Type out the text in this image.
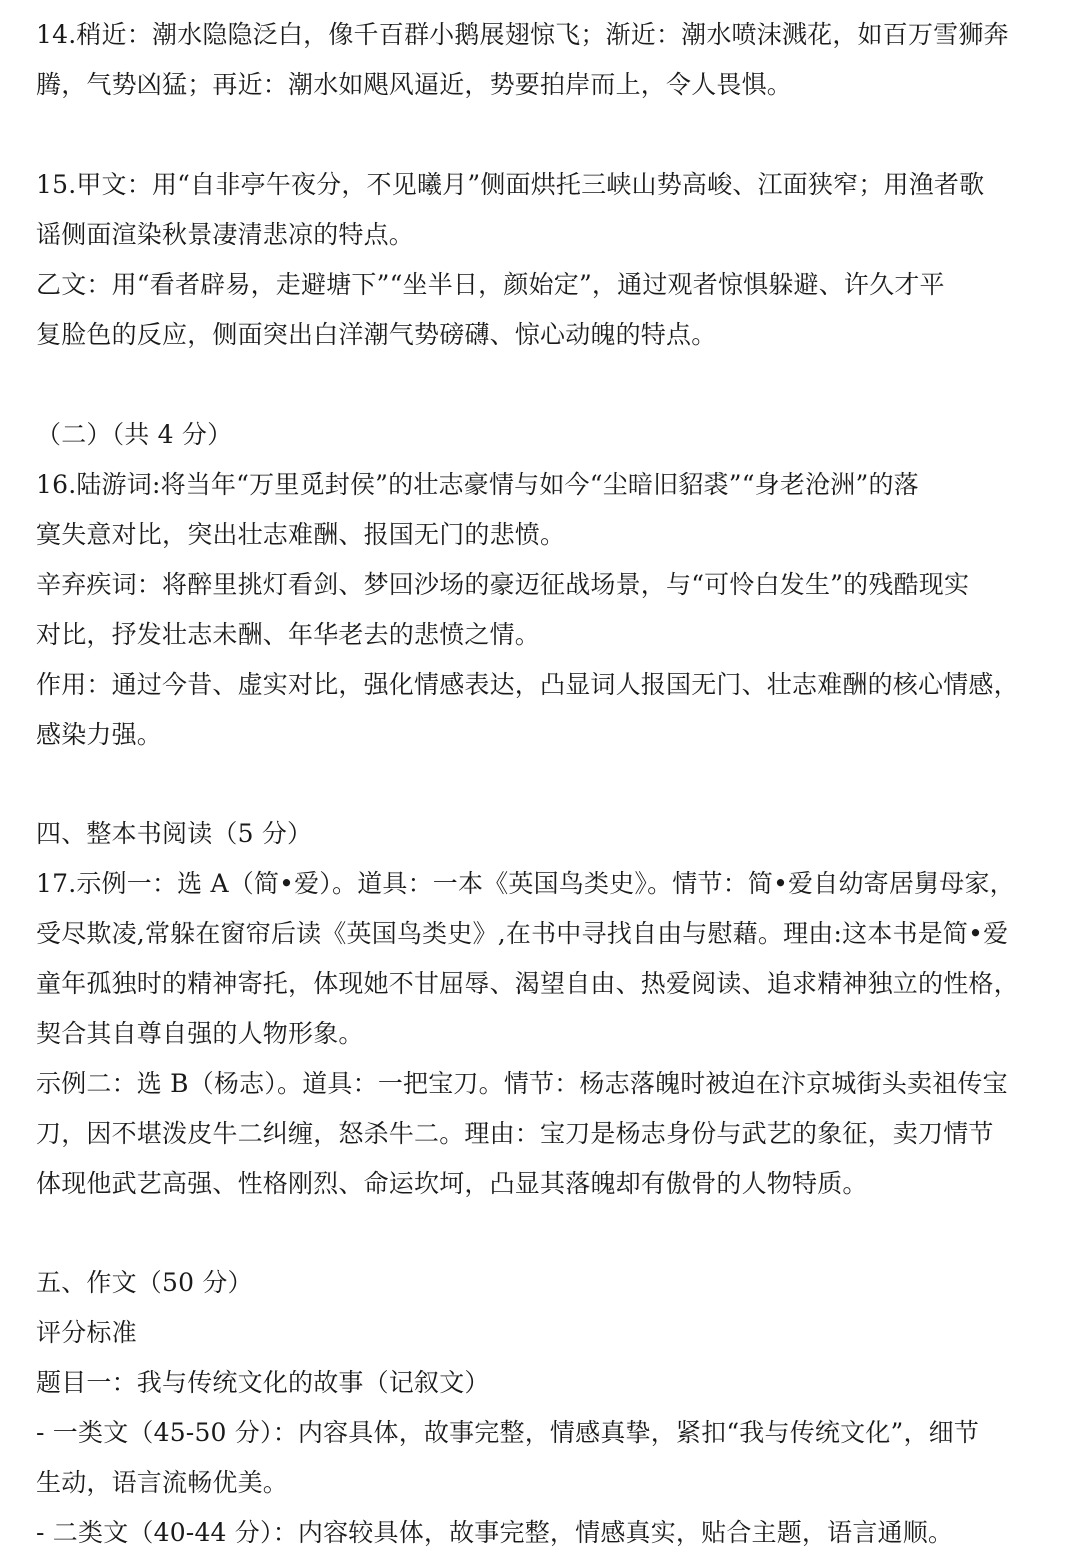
14.稍近：潮水隐隐泛白，像千百群小鹅展翅惊飞；渐近：潮水喷沫溅花，如百万雪狮奔
腾，气势凶猛；再近：潮水如飓风逼近，势要拍岸而上，令人畏惧。
15.甲文：用“自非亭午夜分，不见曦月”侧面烘托三峡山势高峻、江面狭窄；用渔者歌
谣侧面渲染秋景凄清悲凉的特点。
乙文：用“看者辟易，走避塘下”“坐半日，颜始定”，通过观者惊惧躲避、许久才平
复脸色的反应，侧面突出白洋潮气势磅礴、惊心动魄的特点。
（二）（共 4 分）
16.陆游词:将当年“万里觅封侯”的壮志豪情与如今“尘暗旧貂裘”“身老沧洲”的落
寞失意对比，突出壮志难酬、报国无门的悲愤。
辛弃疾词：将醉里挑灯看剑、梦回沙场的豪迈征战场景，与“可怜白发生”的残酷现实
对比，抒发壮志未酬、年华老去的悲愤之情。
作用：通过今昔、虚实对比，强化情感表达，凸显词人报国无门、壮志难酬的核心情感，
感染力强。
四、整本书阅读（5 分）
17.示例一：选 A（简•爱）。道具：一本《英国鸟类史》。情节：简•爱自幼寄居舅母家，
受尽欺凌,常躲在窗帘后读《英国鸟类史》,在书中寻找自由与慰藉。理由:这本书是简•爱
童年孤独时的精神寄托，体现她不甘屈辱、渴望自由、热爱阅读、追求精神独立的性格，
契合其自尊自强的人物形象。
示例二：选 B（杨志）。道具：一把宝刀。情节：杨志落魄时被迫在汴京城街头卖祖传宝
刀，因不堪泼皮牛二纠缠，怒杀牛二。理由：宝刀是杨志身份与武艺的象征，卖刀情节
体现他武艺高强、性格刚烈、命运坎坷，凸显其落魄却有傲骨的人物特质。
五、作文（50 分）
评分标准
题目一：我与传统文化的故事（记叙文）
- 一类文（45-50 分）：内容具体，故事完整，情感真挚，紧扣“我与传统文化”，细节
生动，语言流畅优美。
- 二类文（40-44 分）：内容较具体，故事完整，情感真实，贴合主题，语言通顺。
